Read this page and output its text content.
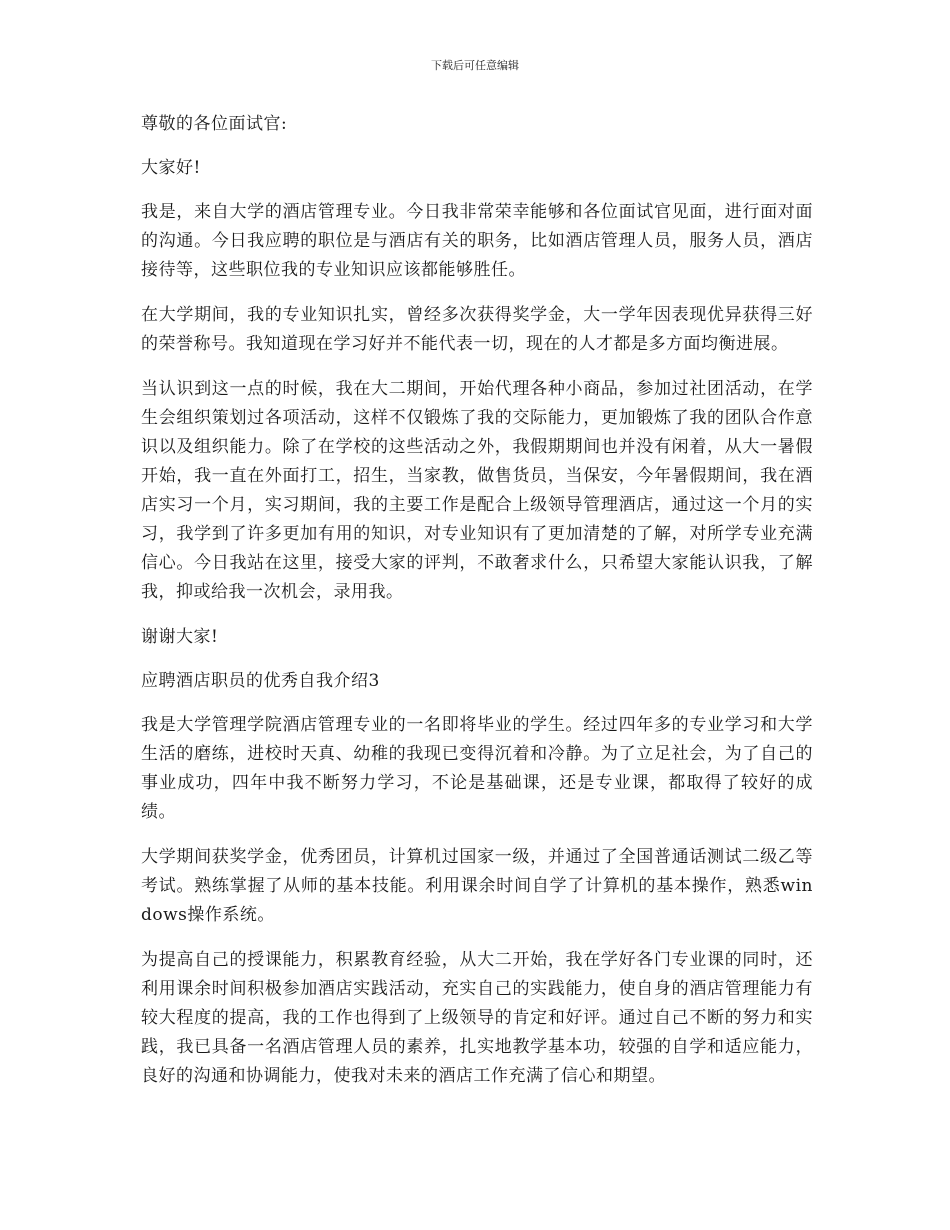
下载后可任意编辑

尊敬的各位面试官:

大家好!

我是，来自大学的酒店管理专业。今日我非常荣幸能够和各位面试官见面，进行面对面的沟通。今日我应聘的职位是与酒店有关的职务，比如酒店管理人员，服务人员，酒店接待等，这些职位我的专业知识应该都能够胜任。

在大学期间，我的专业知识扎实，曾经多次获得奖学金，大一学年因表现优异获得三好的荣誉称号。我知道现在学习好并不能代表一切，现在的人才都是多方面均衡进展。

当认识到这一点的时候，我在大二期间，开始代理各种小商品，参加过社团活动，在学生会组织策划过各项活动，这样不仅锻炼了我的交际能力，更加锻炼了我的团队合作意识以及组织能力。除了在学校的这些活动之外，我假期期间也并没有闲着，从大一暑假开始，我一直在外面打工，招生，当家教，做售货员，当保安，今年暑假期间，我在酒店实习一个月，实习期间，我的主要工作是配合上级领导管理酒店，通过这一个月的实习，我学到了许多更加有用的知识，对专业知识有了更加清楚的了解，对所学专业充满信心。今日我站在这里，接受大家的评判，不敢奢求什么，只希望大家能认识我，了解我，抑或给我一次机会，录用我。

谢谢大家!

应聘酒店职员的优秀自我介绍3

我是大学管理学院酒店管理专业的一名即将毕业的学生。经过四年多的专业学习和大学生活的磨练，进校时天真、幼稚的我现已变得沉着和冷静。为了立足社会，为了自己的事业成功，四年中我不断努力学习，不论是基础课，还是专业课，都取得了较好的成绩。

大学期间获奖学金，优秀团员，计算机过国家一级，并通过了全国普通话测试二级乙等考试。熟练掌握了从师的基本技能。利用课余时间自学了计算机的基本操作，熟悉windows操作系统。

为提高自己的授课能力，积累教育经验，从大二开始，我在学好各门专业课的同时，还利用课余时间积极参加酒店实践活动，充实自己的实践能力，使自身的酒店管理能力有较大程度的提高，我的工作也得到了上级领导的肯定和好评。通过自己不断的努力和实践，我已具备一名酒店管理人员的素养，扎实地教学基本功，较强的自学和适应能力，良好的沟通和协调能力，使我对未来的酒店工作充满了信心和期望。
